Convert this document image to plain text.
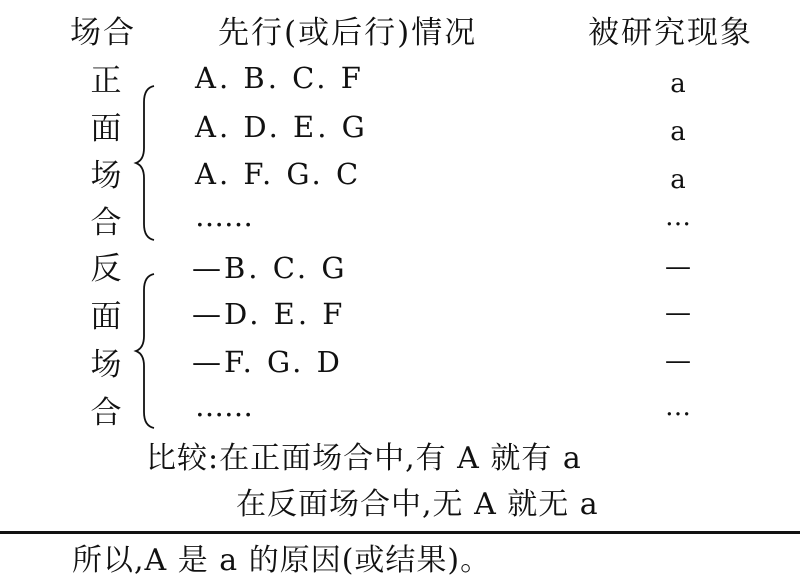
场合	先行(或后行)情况	被研究现象
正
面
场
合
A. B. C. F
A. D. E. G
A. F. G. C
……
a
a
a
…
反
面
场
合
—B. C. G
—D. E. F
—F. G. D
……
—
—
—
…
比较:在正面场合中,有 A 就有 a
在反面场合中,无 A 就无 a
所以,A 是 a 的原因(或结果)。
